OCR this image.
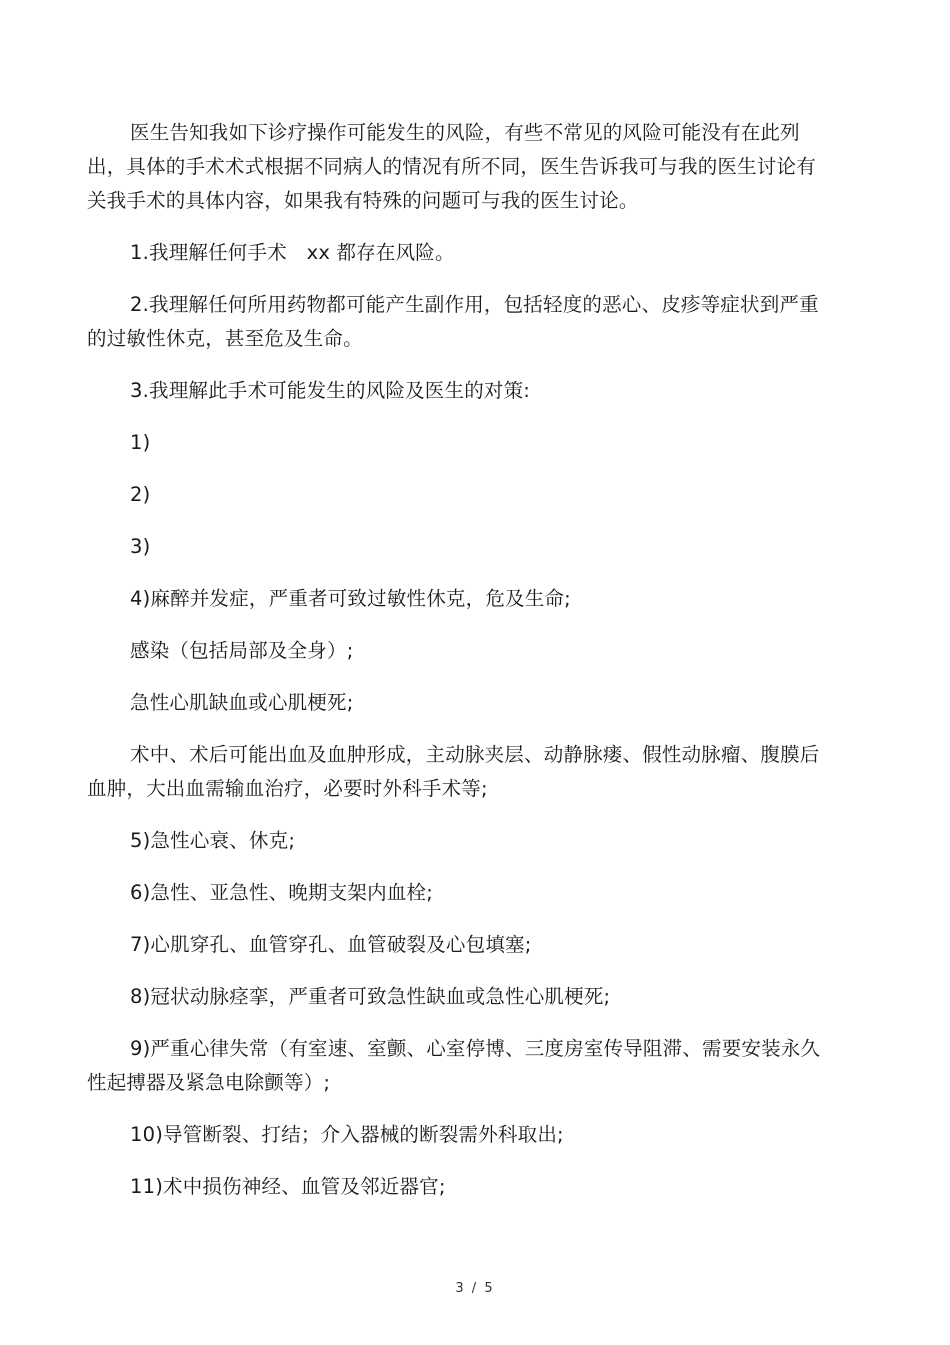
医生告知我如下诊疗操作可能发生的风险，有些不常见的风险可能没有在此列出，具体的手术术式根据不同病人的情况有所不同，医生告诉我可与我的医生讨论有关我手术的具体内容，如果我有特殊的问题可与我的医生讨论。

1.我理解任何手术　xx 都存在风险。

2.我理解任何所用药物都可能产生副作用，包括轻度的恶心、皮疹等症状到严重的过敏性休克，甚至危及生命。

3.我理解此手术可能发生的风险及医生的对策:

1)

2)

3)

4)麻醉并发症，严重者可致过敏性休克，危及生命;

感染（包括局部及全身）;

急性心肌缺血或心肌梗死;

术中、术后可能出血及血肿形成，主动脉夹层、动静脉瘘、假性动脉瘤、腹膜后血肿，大出血需输血治疗，必要时外科手术等;

5)急性心衰、休克;

6)急性、亚急性、晚期支架内血栓;

7)心肌穿孔、血管穿孔、血管破裂及心包填塞;

8)冠状动脉痉挛，严重者可致急性缺血或急性心肌梗死;

9)严重心律失常（有室速、室颤、心室停博、三度房室传导阻滞、需要安装永久性起搏器及紧急电除颤等）;

10)导管断裂、打结；介入器械的断裂需外科取出;

11)术中损伤神经、血管及邻近器官;

3 / 5
